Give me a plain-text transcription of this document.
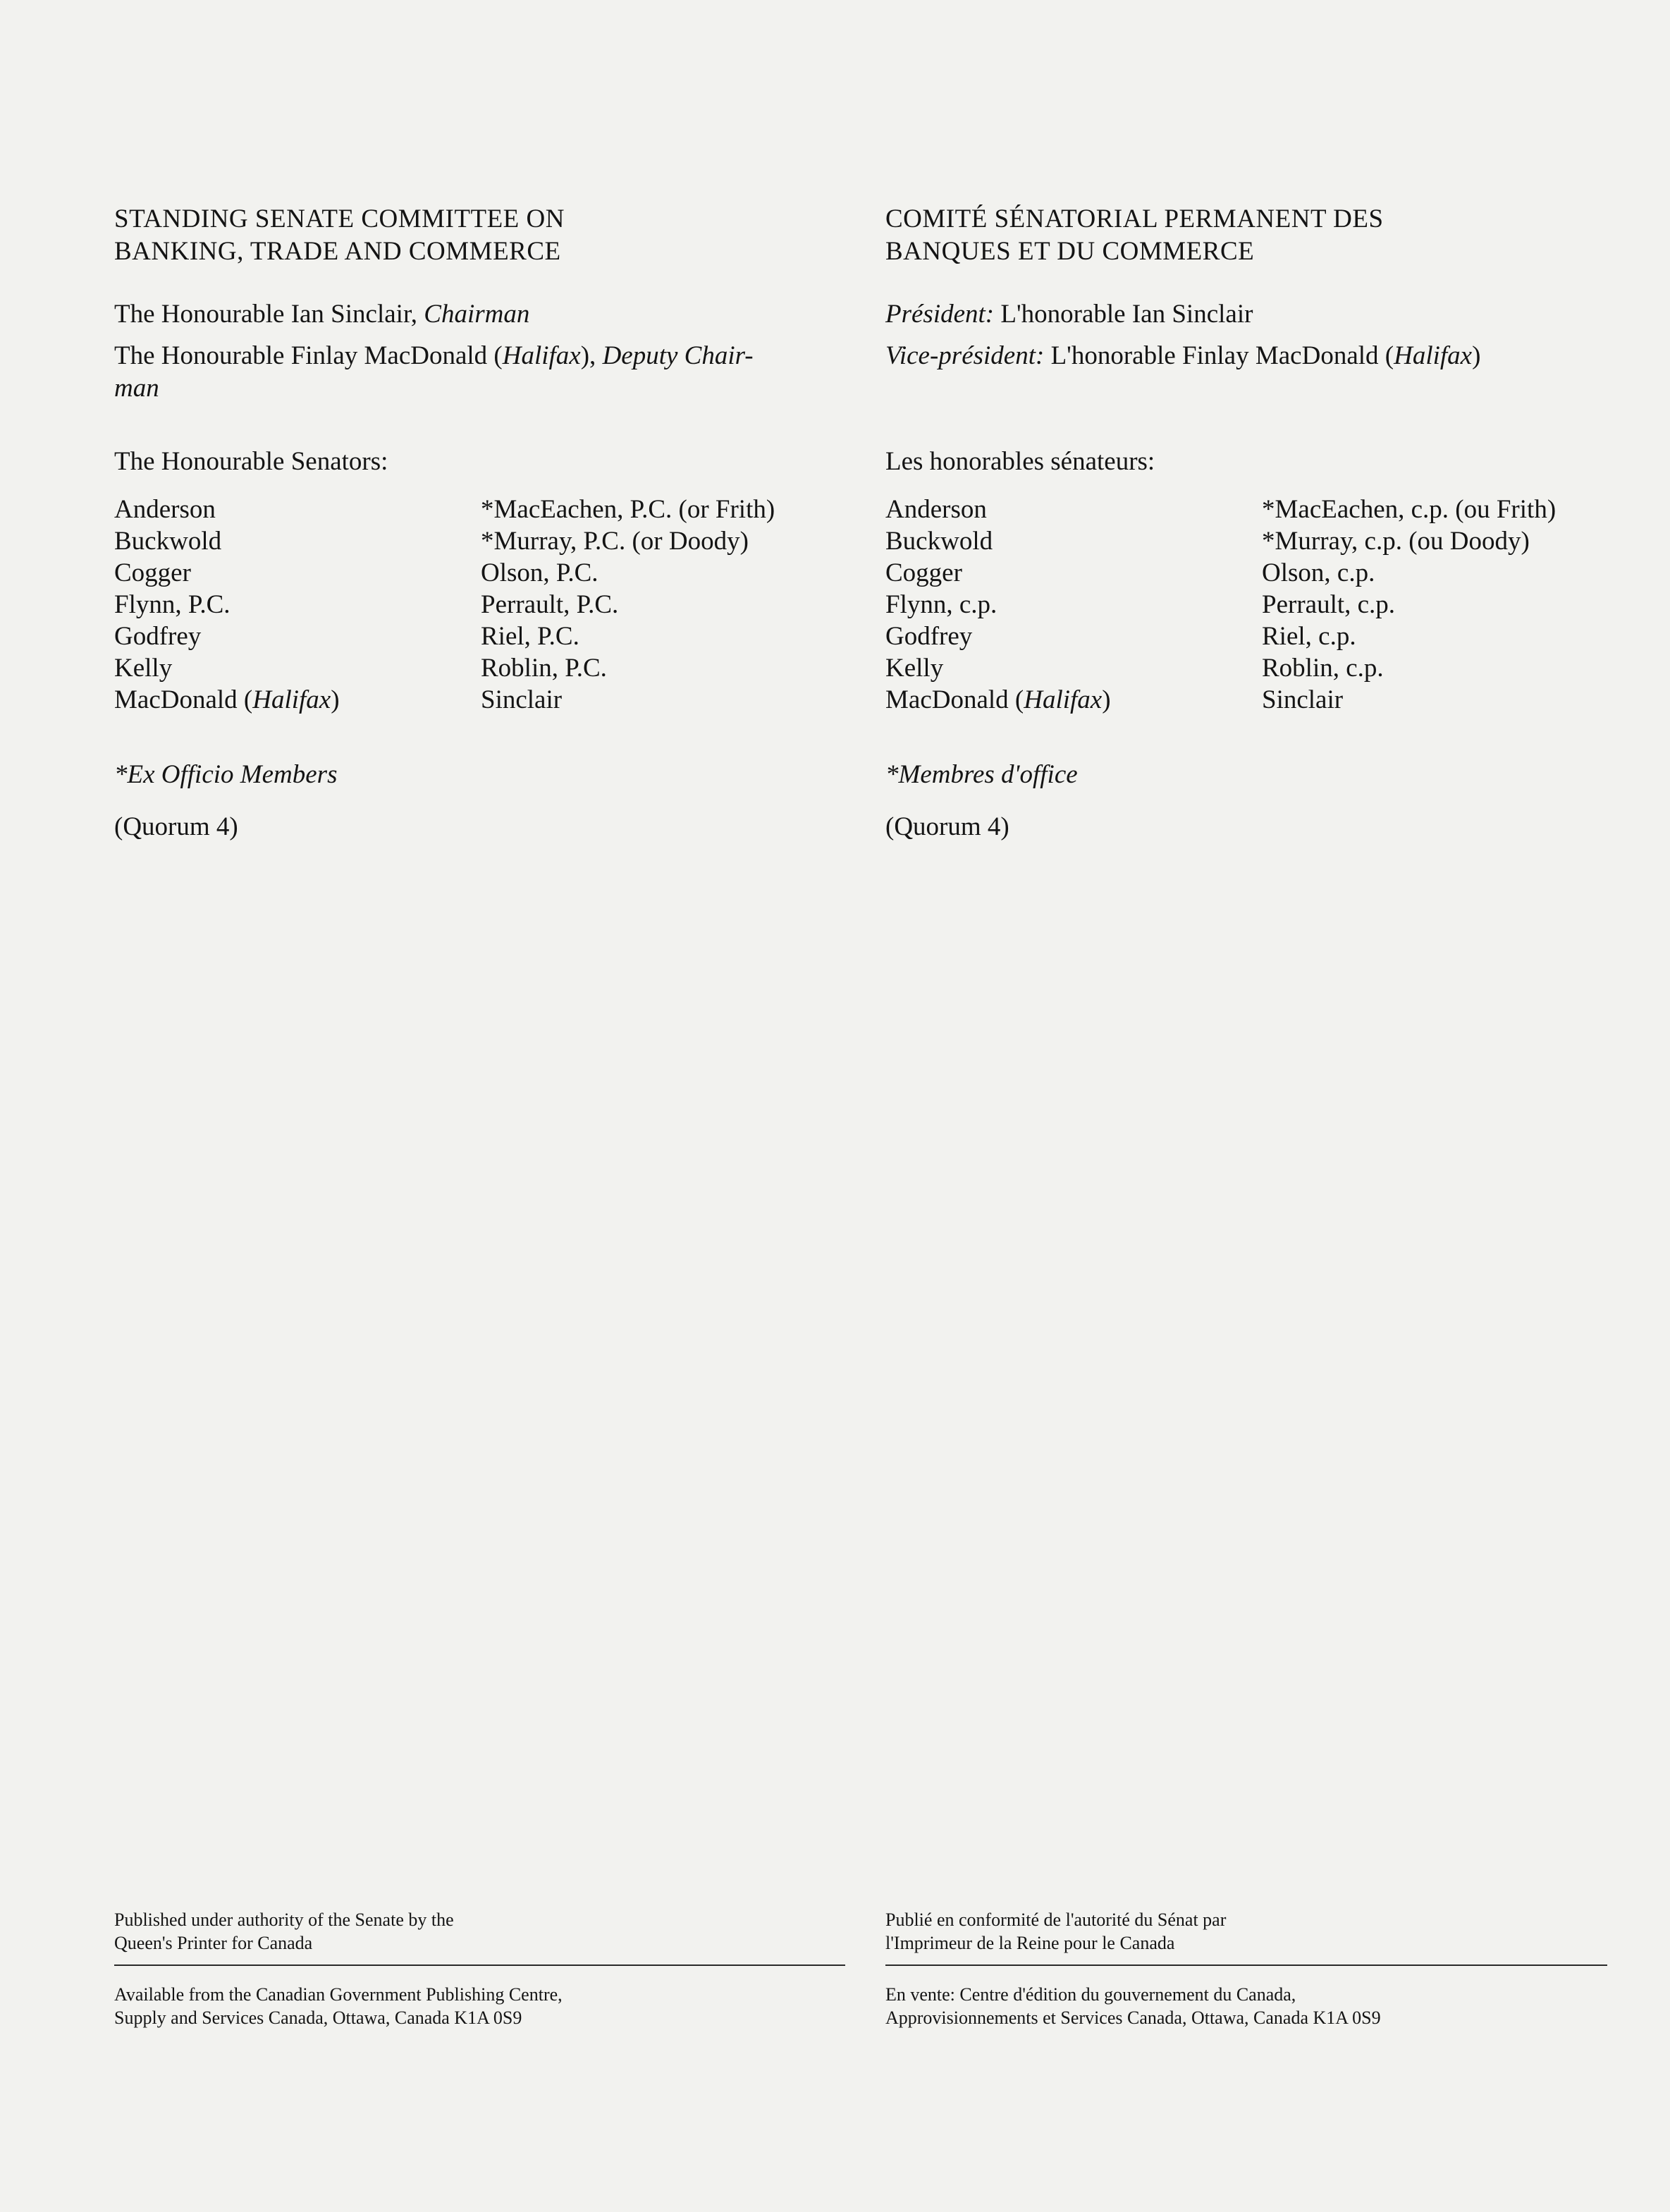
STANDING SENATE COMMITTEE ON
BANKING, TRADE AND COMMERCE

The Honourable Ian Sinclair, Chairman

The Honourable Finlay MacDonald (Halifax), Deputy Chair-
man

The Honourable Senators:

Anderson
Buckwold
Cogger
Flynn, P.C.
Godfrey
Kelly
MacDonald (Halifax)
*MacEachen, P.C. (or Frith)
*Murray, P.C. (or Doody)
Olson, P.C.
Perrault, P.C.
Riel, P.C.
Roblin, P.C.
Sinclair

*Ex Officio Members

(Quorum 4)

Published under authority of the Senate by the
Queen's Printer for Canada

Available from the Canadian Government Publishing Centre,
Supply and Services Canada, Ottawa, Canada K1A 0S9

COMITÉ SÉNATORIAL PERMANENT DES
BANQUES ET DU COMMERCE

Président: L'honorable Ian Sinclair

Vice-président: L'honorable Finlay MacDonald (Halifax)

Les honorables sénateurs:

Anderson
Buckwold
Cogger
Flynn, c.p.
Godfrey
Kelly
MacDonald (Halifax)
*MacEachen, c.p. (ou Frith)
*Murray, c.p. (ou Doody)
Olson, c.p.
Perrault, c.p.
Riel, c.p.
Roblin, c.p.
Sinclair

*Membres d'office

(Quorum 4)

Publié en conformité de l'autorité du Sénat par
l'Imprimeur de la Reine pour le Canada

En vente: Centre d'édition du gouvernement du Canada,
Approvisionnements et Services Canada, Ottawa, Canada K1A 0S9
